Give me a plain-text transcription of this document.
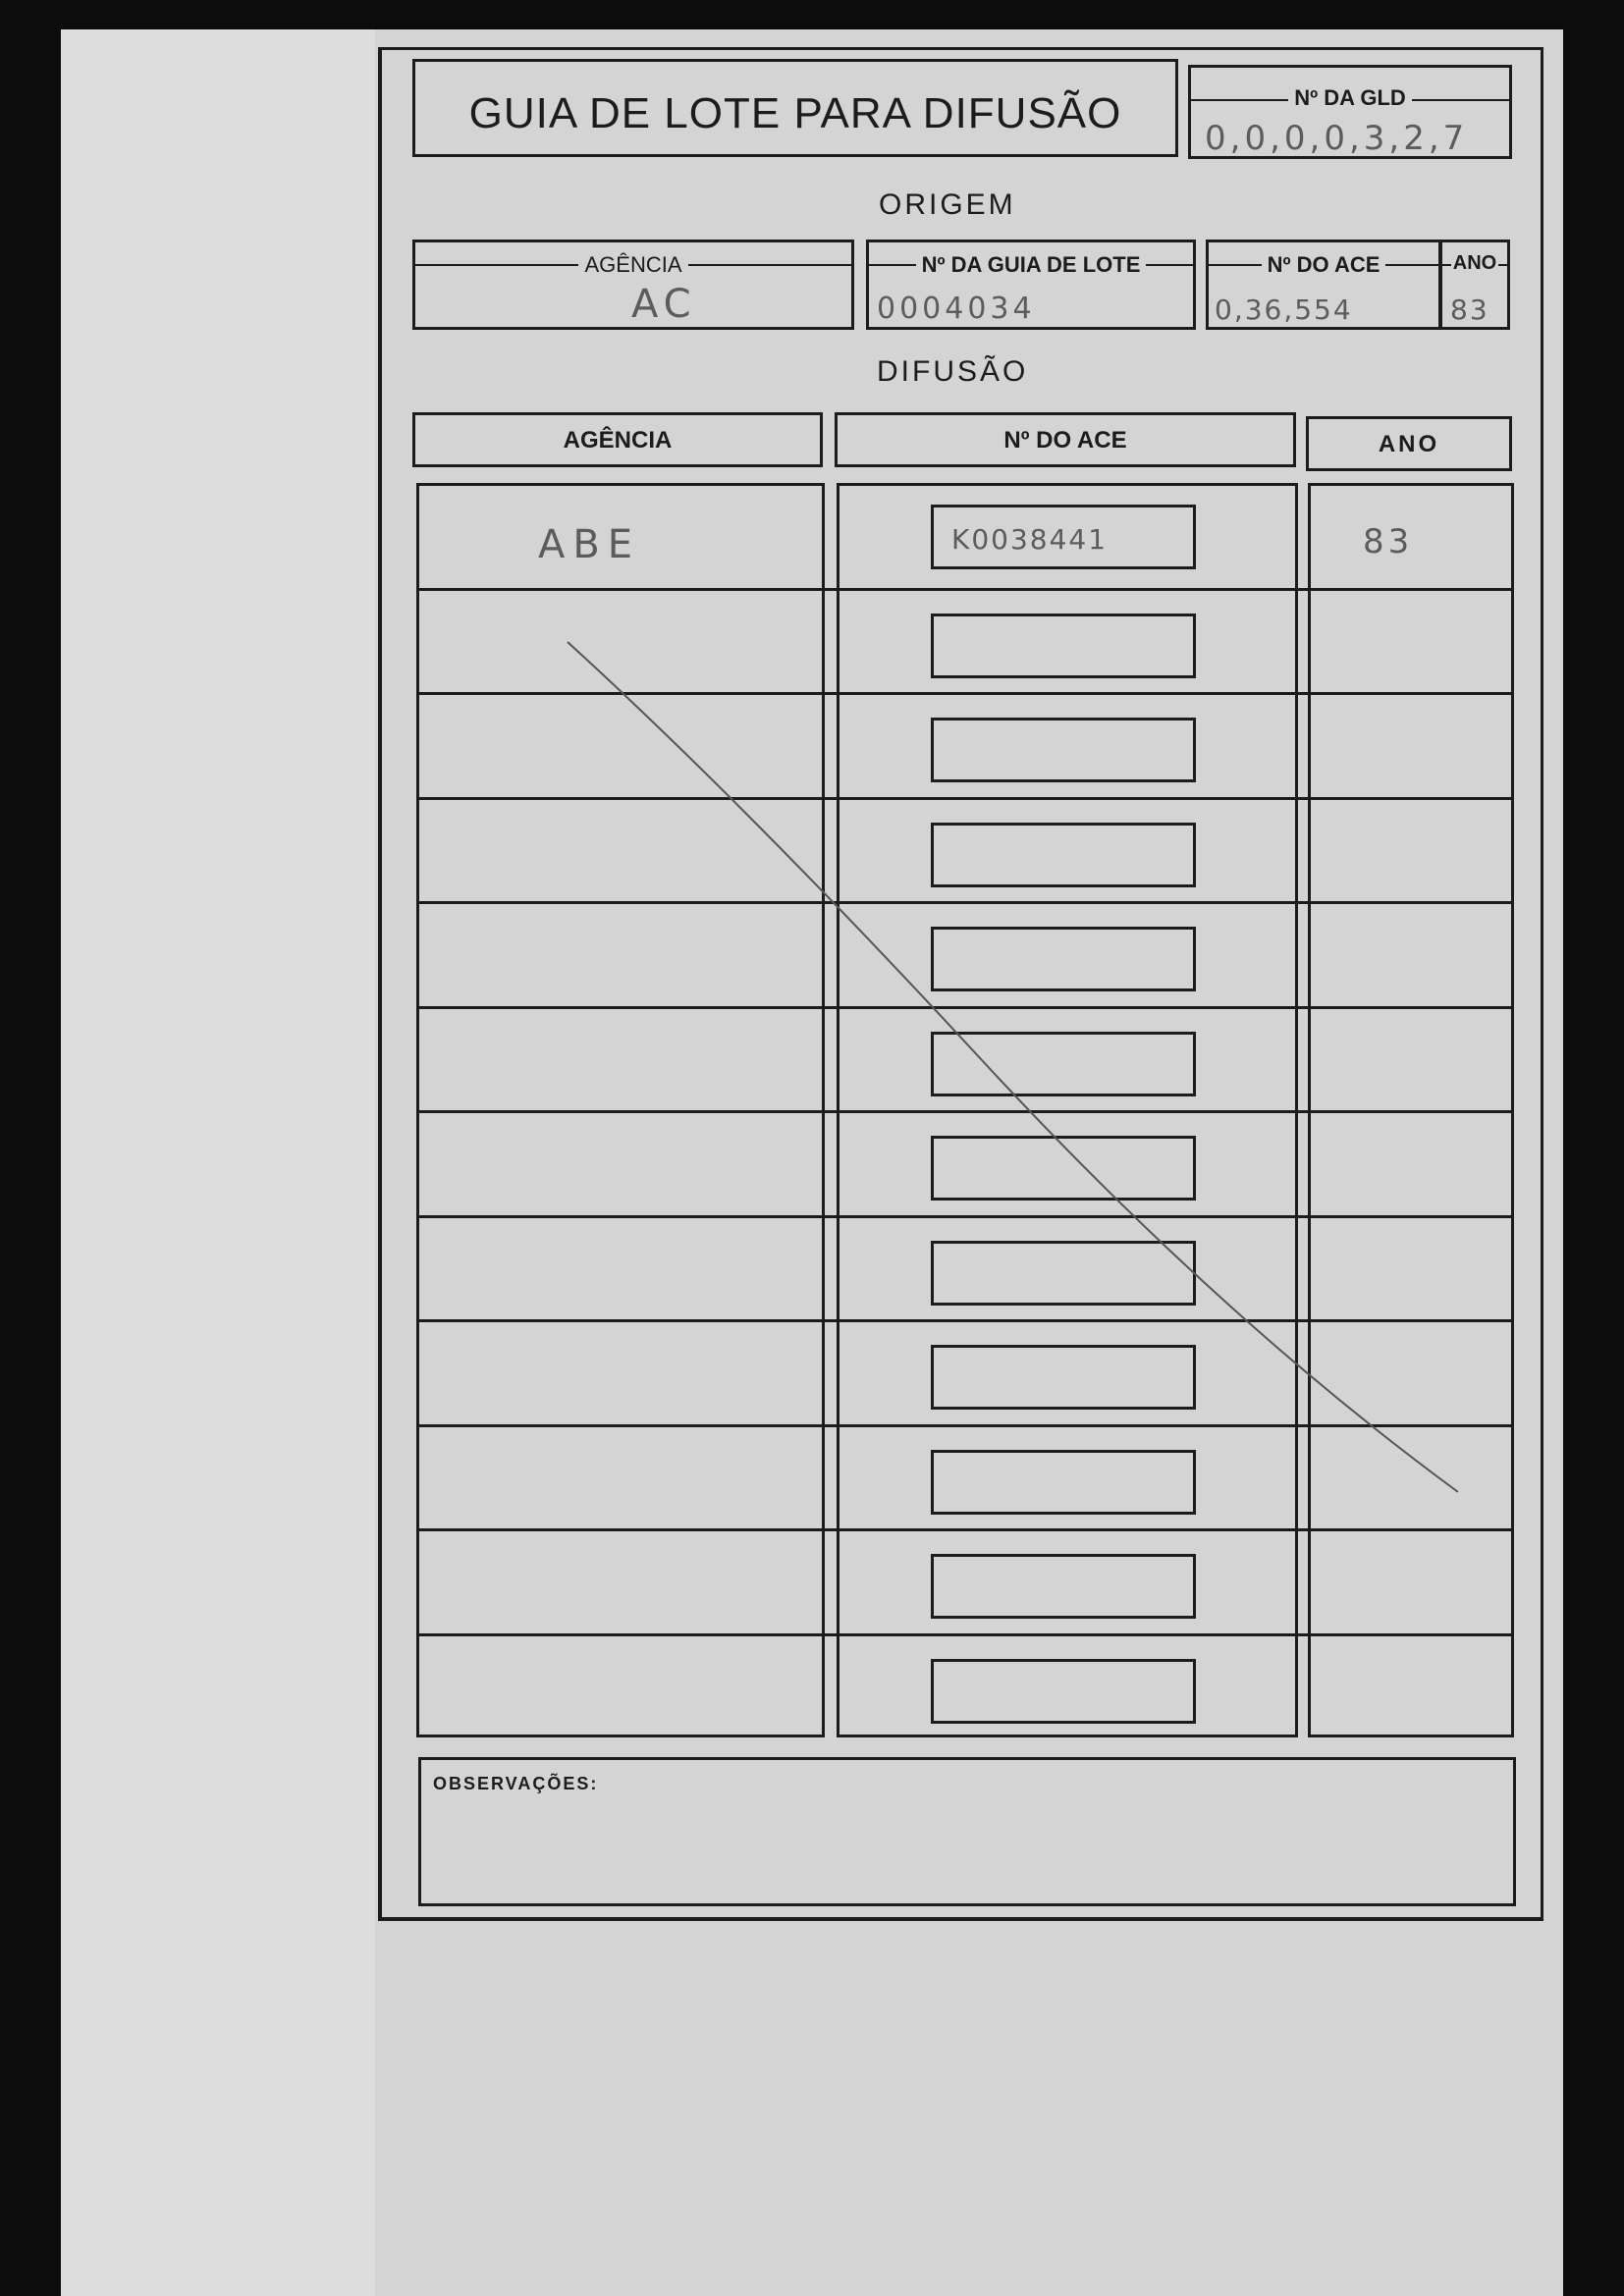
GUIA DE LOTE PARA DIFUSÃO	Nº DA GLD
0,0,0,0,3,2,7
ORIGEM
AGÊNCIA
AC
Nº DA GUIA DE LOTE
0004034
Nº DO ACE
0,36,554
ANO
83
DIFUSÃO
AGÊNCIA	Nº DO ACE	ANO
ABE	K0038441	83
OBSERVAÇÕES:
